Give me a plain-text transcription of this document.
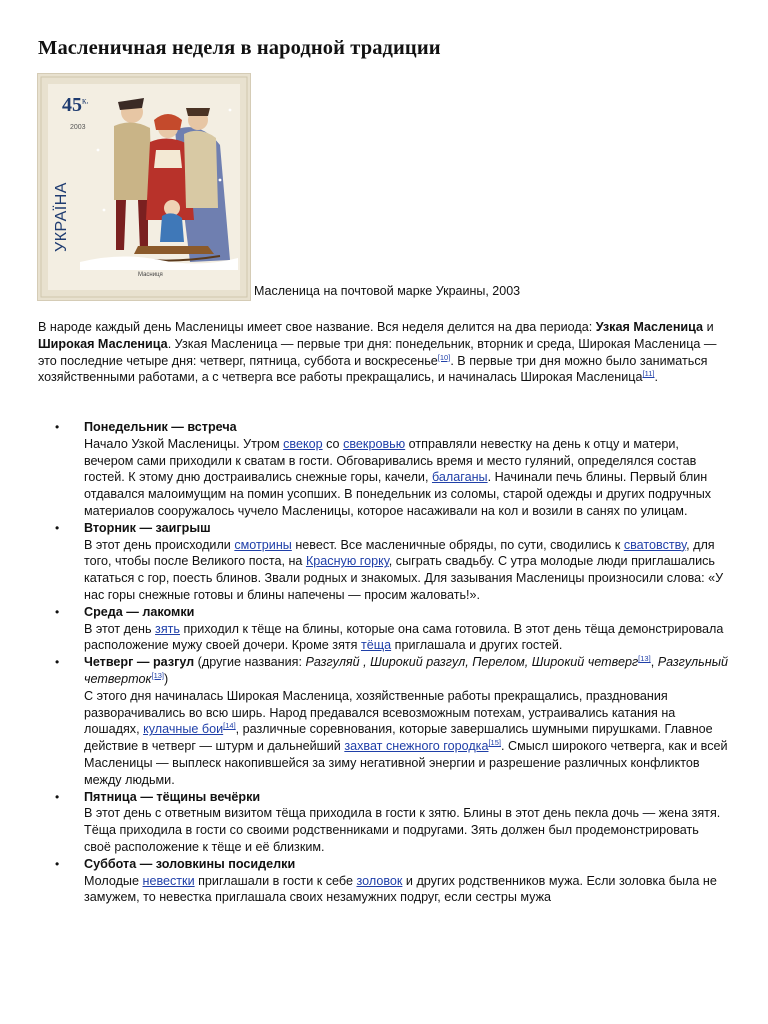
Масленичная неделя в народной традиции
$45^{к.}$
2003
УКРАЇНА
Масниця
Масленица на почтовой марке Украины, 2003

В народе каждый день Масленицы имеет свое название. Вся неделя делится на два периода: Узкая Масленица и Широкая Масленица. Узкая Масленица — первые три дня: понедельник, вторник и среда, Широкая Масленица — это последние четыре дня: четверг, пятница, суббота и воскресенье[10]. В первые три дня можно было заниматься хозяйственными работами, а с четверга все работы прекращались, и начиналась Широкая Масленица[11].

• Понедельник — встреча
Начало Узкой Масленицы. Утром свекор со свекровью отправляли невестку на день к отцу и матери, вечером сами приходили к сватам в гости. Обговаривались время и место гуляний, определялся состав гостей. К этому дню достраивались снежные горы, качели, балаганы. Начинали печь блины. Первый блин отдавался малоимущим на помин усопших. В понедельник из соломы, старой одежды и других подручных материалов сооружалось чучело Масленицы, которое насаживали на кол и возили в санях по улицам.
• Вторник — заигрыш
В этот день происходили смотрины невест. Все масленичные обряды, по сути, сводились к сватовству, для того, чтобы после Великого поста, на Красную горку, сыграть свадьбу. С утра молодые люди приглашались кататься с гор, поесть блинов. Звали родных и знакомых. Для зазывания Масленицы произносили слова: «У нас горы снежные готовы и блины напечены — просим жаловать!».
• Среда — лакомки
В этот день зять приходил к тёще на блины, которые она сама готовила. В этот день тёща демонстрировала расположение мужу своей дочери. Кроме зятя тёща приглашала и других гостей.
• Четверг — разгул (другие названия: Разгуляй , Широкий разгул, Перелом, Широкий четверг[13], Разгульный четверток[13])
С этого дня начиналась Широкая Масленица, хозяйственные работы прекращались, празднования разворачивались во всю ширь. Народ предавался всевозможным потехам, устраивались катания на лошадях, кулачные бои[14], различные соревнования, которые завершались шумными пирушками. Главное действие в четверг — штурм и дальнейший захват снежного городка[15]. Смысл широкого четверга, как и всей Масленицы — выплеск накопившейся за зиму негативной энергии и разрешение различных конфликтов между людьми.
• Пятница — тёщины вечёрки
В этот день с ответным визитом тёща приходила в гости к зятю. Блины в этот день пекла дочь — жена зятя. Тёща приходила в гости со своими родственниками и подругами. Зять должен был продемонстрировать своё расположение к тёще и её близким.
• Суббота — золовкины посиделки
Молодые невестки приглашали в гости к себе золовок и других родственников мужа. Если золовка была не замужем, то невестка приглашала своих незамужних подруг, если сестры мужа
